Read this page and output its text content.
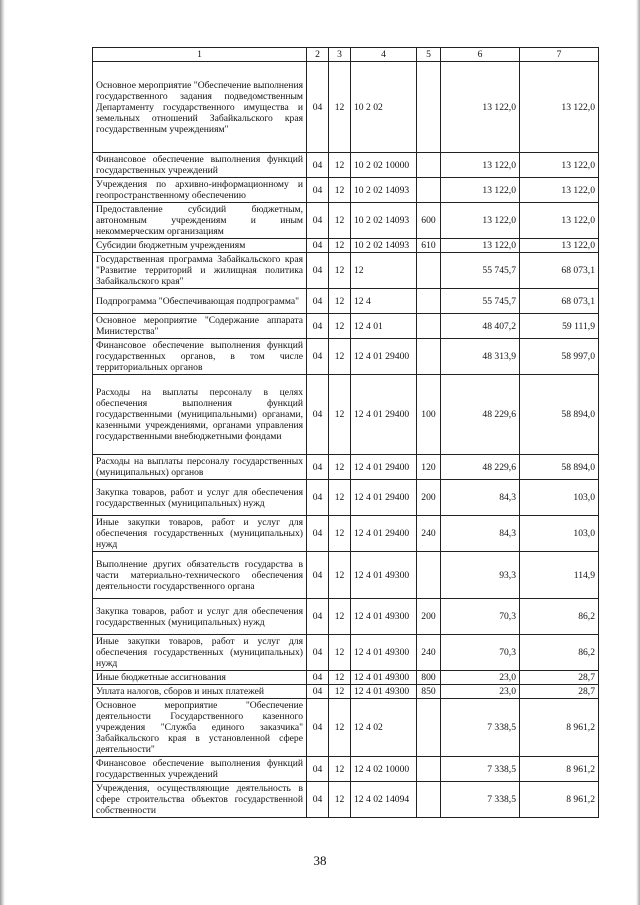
1	2	3	4	5	6	7
Основное мероприятие "Обеспечение выполнения государственного задания подведомственным Департаменту государственного имущества и земельных отношений Забайкальского края государственным учреждениям"	04	12	10 2 02		13 122,0	13 122,0
Финансовое обеспечение выполнения функций государственных учреждений	04	12	10 2 02 10000		13 122,0	13 122,0
Учреждения по архивно-информационному и геопространственному обеспечению	04	12	10 2 02 14093		13 122,0	13 122,0
Предоставление субсидий бюджетным, автономным учреждениям и иным некоммерческим организациям	04	12	10 2 02 14093	600	13 122,0	13 122,0
Субсидии бюджетным учреждениям	04	12	10 2 02 14093	610	13 122,0	13 122,0
Государственная программа Забайкальского края "Развитие территорий и жилищная политика Забайкальского края"	04	12	12		55 745,7	68 073,1
Подпрограмма "Обеспечивающая подпрограмма"	04	12	12 4		55 745,7	68 073,1
Основное мероприятие "Содержание аппарата Министерства"	04	12	12 4 01		48 407,2	59 111,9
Финансовое обеспечение выполнения функций государственных органов, в том числе территориальных органов	04	12	12 4 01 29400		48 313,9	58 997,0
Расходы на выплаты персоналу в целях обеспечения выполнения функций государственными (муниципальными) органами, казенными учреждениями, органами управления государственными внебюджетными фондами	04	12	12 4 01 29400	100	48 229,6	58 894,0
Расходы на выплаты персоналу государственных (муниципальных) органов	04	12	12 4 01 29400	120	48 229,6	58 894,0
Закупка товаров, работ и услуг для обеспечения государственных (муниципальных) нужд	04	12	12 4 01 29400	200	84,3	103,0
Иные закупки товаров, работ и услуг для обеспечения государственных (муниципальных) нужд	04	12	12 4 01 29400	240	84,3	103,0
Выполнение других обязательств государства в части материально-технического обеспечения деятельности государственного органа	04	12	12 4 01 49300		93,3	114,9
Закупка товаров, работ и услуг для обеспечения государственных (муниципальных) нужд	04	12	12 4 01 49300	200	70,3	86,2
Иные закупки товаров, работ и услуг для обеспечения государственных (муниципальных) нужд	04	12	12 4 01 49300	240	70,3	86,2
Иные бюджетные ассигнования	04	12	12 4 01 49300	800	23,0	28,7
Уплата налогов, сборов и иных платежей	04	12	12 4 01 49300	850	23,0	28,7
Основное мероприятие "Обеспечение деятельности Государственного казенного учреждения "Служба единого заказчика" Забайкальского края в установленной сфере деятельности"	04	12	12 4 02		7 338,5	8 961,2
Финансовое обеспечение выполнения функций государственных учреждений	04	12	12 4 02 10000		7 338,5	8 961,2
Учреждения, осуществляющие деятельность в сфере строительства объектов государственной собственности	04	12	12 4 02 14094		7 338,5	8 961,2
38
